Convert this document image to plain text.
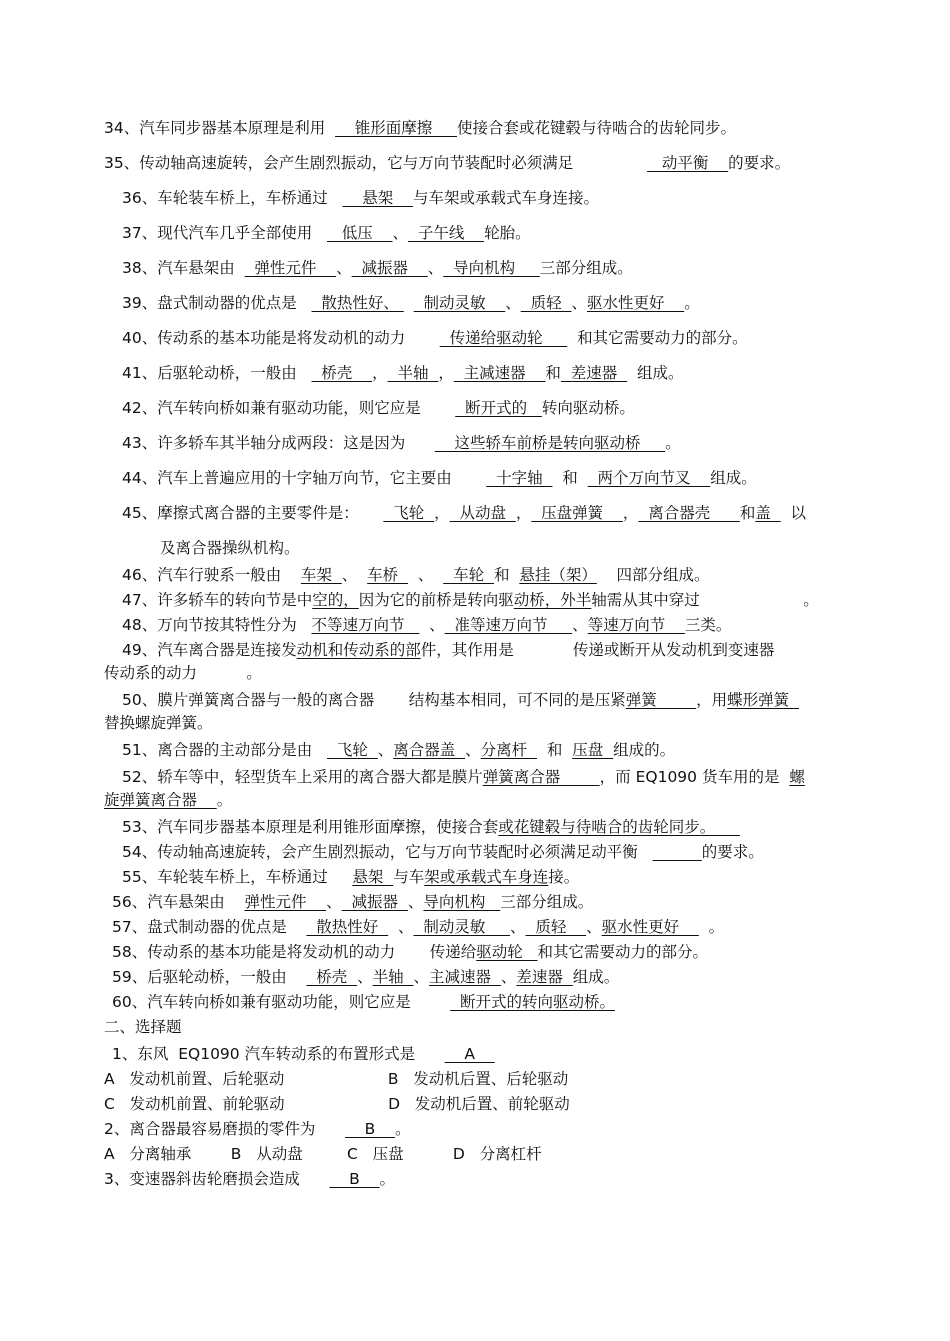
34、汽车同步器基本原理是利用      锥形面摩擦     使接合套或花键毂与待啮合的齿轮同步。
35、传动轴高速旋转，会产生剧烈振动，它与万向节装配时必须满足                  动平衡    的要求。
36、车轮装车桥上，车桥通过       悬架    与车架或承载式车身连接。
37、现代汽车几乎全部使用      低压    、  子午线    轮胎。
38、汽车悬架由    弹性元件    、  减振器    、  导向机构     三部分组成。
39、盘式制动器的优点是     散热性好、     制动灵敏    、  质轻  、驱水性更好    。
40、传动系的基本功能是将发动机的动力         传递给驱动轮       和其它需要动力的部分。
41、后驱轮动桥，一般由     桥壳    ，  半轴  ，  主减速器    和  差速器    组成。
42、汽车转向桥如兼有驱动功能，则它应是         断开式的   转向驱动桥。
43、许多轿车其半轴分成两段：这是因为          这些轿车前桥是转向驱动桥     。
44、汽车上普遍应用的十字轴万向节，它主要由         十字轴    和    两个万向节叉    组成。
45、摩擦式离合器的主要零件是：       飞轮  ，  从动盘  ，  压盘弹簧    ，  离合器壳      和盖    以
及离合器操纵机构。
46、汽车行驶系一般由    车架  、  车桥    、    车轮  和  悬挂（架）    四部分组成。
47、许多轿车的转向节是中空的，因为它的前桥是转向驱动桥，外半轴需从其中穿过                     。
48、万向节按其特性分为   不等速万向节     、  准等速万向节     、等速万向节    三类。
49、汽车离合器是连接发动机和传动系的部件，其作用是            传递或断开从发动机到变速器
传动系的动力          。
50、膜片弹簧离合器与一般的离合器       结构基本相同，可不同的是压紧弹簧        ，用蝶形弹簧
替换螺旋弹簧。
51、离合器的主动部分是由     飞轮  、离合器盖  、分离杆    和  压盘  组成的。
52、轿车等中，轻型货车上采用的离合器大都是膜片弹簧离合器        ，而 EQ1090 货车用的是  螺
旋弹簧离合器    。
53、汽车同步器基本原理是利用锥形面摩擦，使接合套或花键毂与待啮合的齿轮同步。
54、传动轴高速旋转，会产生剧烈振动，它与万向节装配时必须满足动平衡	的要求。
55、车轮装车桥上，车桥通过     悬架  与车架或承载式车身连接。
56、汽车悬架由    弹性元件    、  减振器  、导向机构   三部分组成。
57、盘式制动器的优点是      散热性好    、  制动灵敏     、  质轻    、驱水性更好      。
58、传动系的基本功能是将发动机的动力       传递给驱动轮   和其它需要动力的部分。
59、后驱轮动桥，一般由      桥壳  、半轴  、主减速器  、差速器  组成。
60、汽车转向桥如兼有驱动功能，则它应是          断开式的转向驱动桥。
二、选择题
1、东风  EQ1090 汽车转动系的布置形式是          A
A   发动机前置、后轮驱动                     B   发动机后置、后轮驱动
C   发动机前置、前轮驱动                     D   发动机后置、前轮驱动
2、离合器最容易磨损的零件为          B    。
A   分离轴承        B   从动盘         C   压盘          D   分离杠杆
3、变速器斜齿轮磨损会造成          B    。
